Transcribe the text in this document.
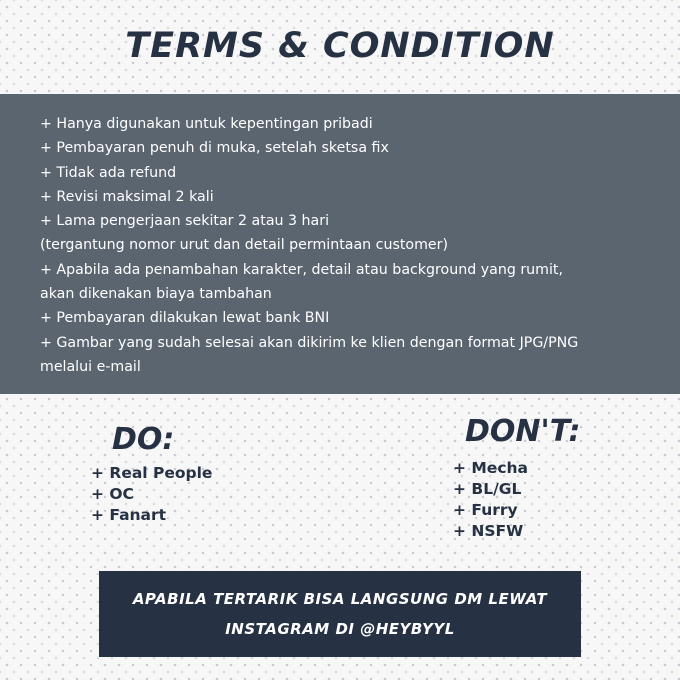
TERMS & CONDITION
+ Hanya digunakan untuk kepentingan pribadi
+ Pembayaran penuh di muka, setelah sketsa fix
+ Tidak ada refund
+ Revisi maksimal 2 kali
+ Lama pengerjaan sekitar 2 atau 3 hari
(tergantung nomor urut dan detail permintaan customer)
+ Apabila ada penambahan karakter, detail atau background yang rumit,
akan dikenakan biaya tambahan
+ Pembayaran dilakukan lewat bank BNI
+ Gambar yang sudah selesai akan dikirim ke klien dengan format JPG/PNG
melalui e-mail
DO:
+ Real People
+ OC
+ Fanart
DON'T:
+ Mecha
+ BL/GL
+ Furry
+ NSFW
APABILA TERTARIK BISA LANGSUNG DM LEWAT
INSTAGRAM DI @HEYBYYL
